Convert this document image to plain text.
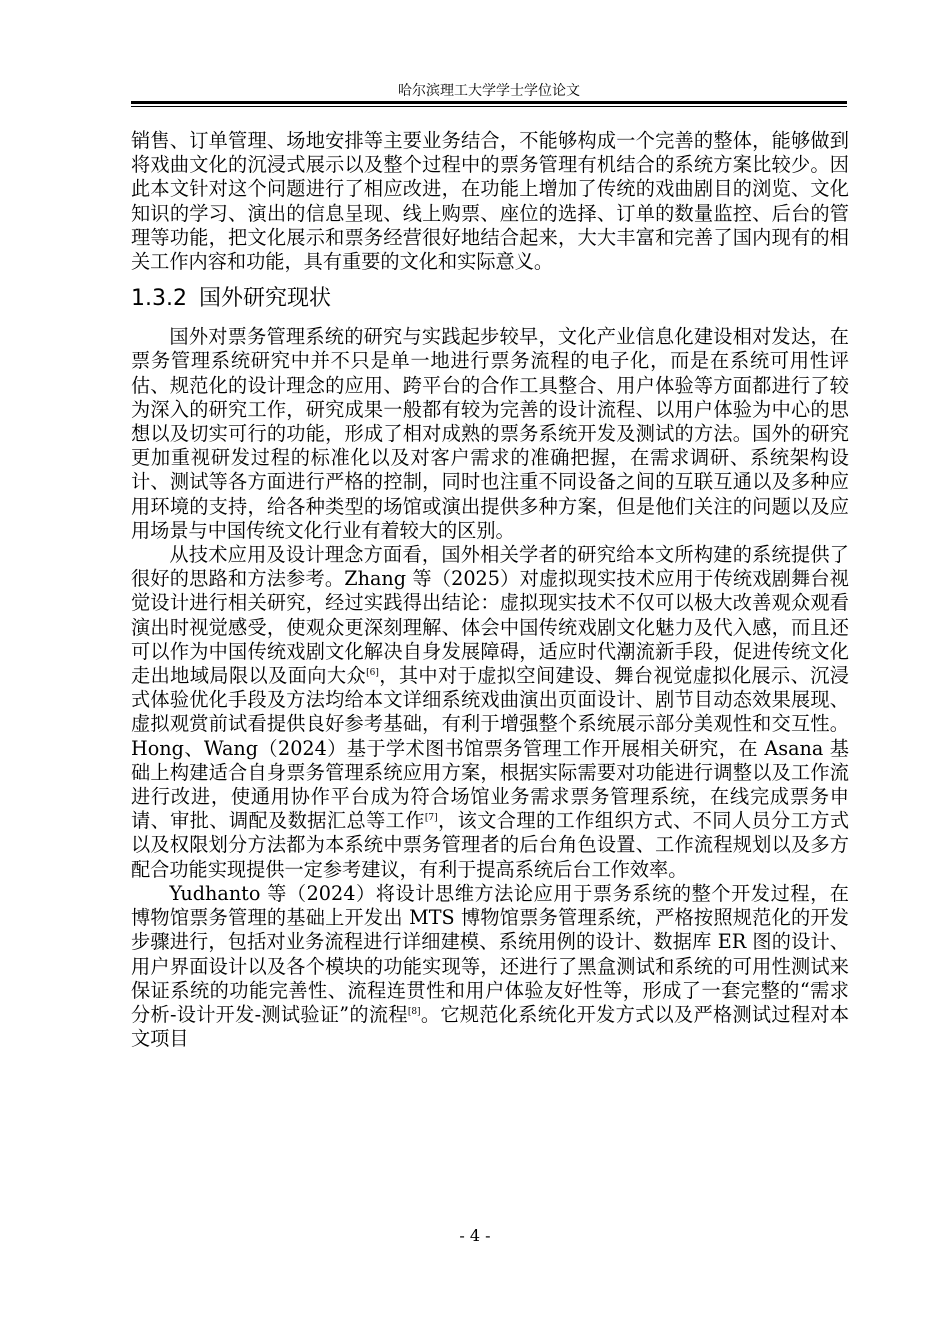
哈尔滨理工大学学士学位论文

销售、订单管理、场地安排等主要业务结合，不能够构成一个完善的整体，能够做到将戏曲文化的沉浸式展示以及整个过程中的票务管理有机结合的系统方案比较少。因此本文针对这个问题进行了相应改进，在功能上增加了传统的戏曲剧目的浏览、文化知识的学习、演出的信息呈现、线上购票、座位的选择、订单的数量监控、后台的管理等功能，把文化展示和票务经营很好地结合起来，大大丰富和完善了国内现有的相关工作内容和功能，具有重要的文化和实际意义。

1.3.2 国外研究现状

国外对票务管理系统的研究与实践起步较早，文化产业信息化建设相对发达，在票务管理系统研究中并不只是单一地进行票务流程的电子化，而是在系统可用性评估、规范化的设计理念的应用、跨平台的合作工具整合、用户体验等方面都进行了较为深入的研究工作，研究成果一般都有较为完善的设计流程、以用户体验为中心的思想以及切实可行的功能，形成了相对成熟的票务系统开发及测试的方法。国外的研究更加重视研发过程的标准化以及对客户需求的准确把握，在需求调研、系统架构设计、测试等各方面进行严格的控制，同时也注重不同设备之间的互联互通以及多种应用环境的支持，给各种类型的场馆或演出提供多种方案，但是他们关注的问题以及应用场景与中国传统文化行业有着较大的区别。

从技术应用及设计理念方面看，国外相关学者的研究给本文所构建的系统提供了很好的思路和方法参考。Zhang 等（2025）对虚拟现实技术应用于传统戏剧舞台视觉设计进行相关研究，经过实践得出结论：虚拟现实技术不仅可以极大改善观众观看演出时视觉感受，使观众更深刻理解、体会中国传统戏剧文化魅力及代入感，而且还可以作为中国传统戏剧文化解决自身发展障碍，适应时代潮流新手段，促进传统文化走出地域局限以及面向大众[6]，其中对于虚拟空间建设、舞台视觉虚拟化展示、沉浸式体验优化手段及方法均给本文详细系统戏曲演出页面设计、剧节目动态效果展现、虚拟观赏前试看提供良好参考基础，有利于增强整个系统展示部分美观性和交互性。Hong、Wang（2024）基于学术图书馆票务管理工作开展相关研究，在 Asana 基础上构建适合自身票务管理系统应用方案，根据实际需要对功能进行调整以及工作流进行改进，使通用协作平台成为符合场馆业务需求票务管理系统，在线完成票务申请、审批、调配及数据汇总等工作[7]，该文合理的工作组织方式、不同人员分工方式以及权限划分方法都为本系统中票务管理者的后台角色设置、工作流程规划以及多方配合功能实现提供一定参考建议，有利于提高系统后台工作效率。

Yudhanto 等（2024）将设计思维方法论应用于票务系统的整个开发过程，在博物馆票务管理的基础上开发出 MTS 博物馆票务管理系统，严格按照规范化的开发步骤进行，包括对业务流程进行详细建模、系统用例的设计、数据库 ER 图的设计、用户界面设计以及各个模块的功能实现等，还进行了黑盒测试和系统的可用性测试来保证系统的功能完善性、流程连贯性和用户体验友好性等，形成了一套完整的“需求分析-设计开发-测试验证”的流程[8]。它规范化系统化开发方式以及严格测试过程对本文项目

- 4 -
